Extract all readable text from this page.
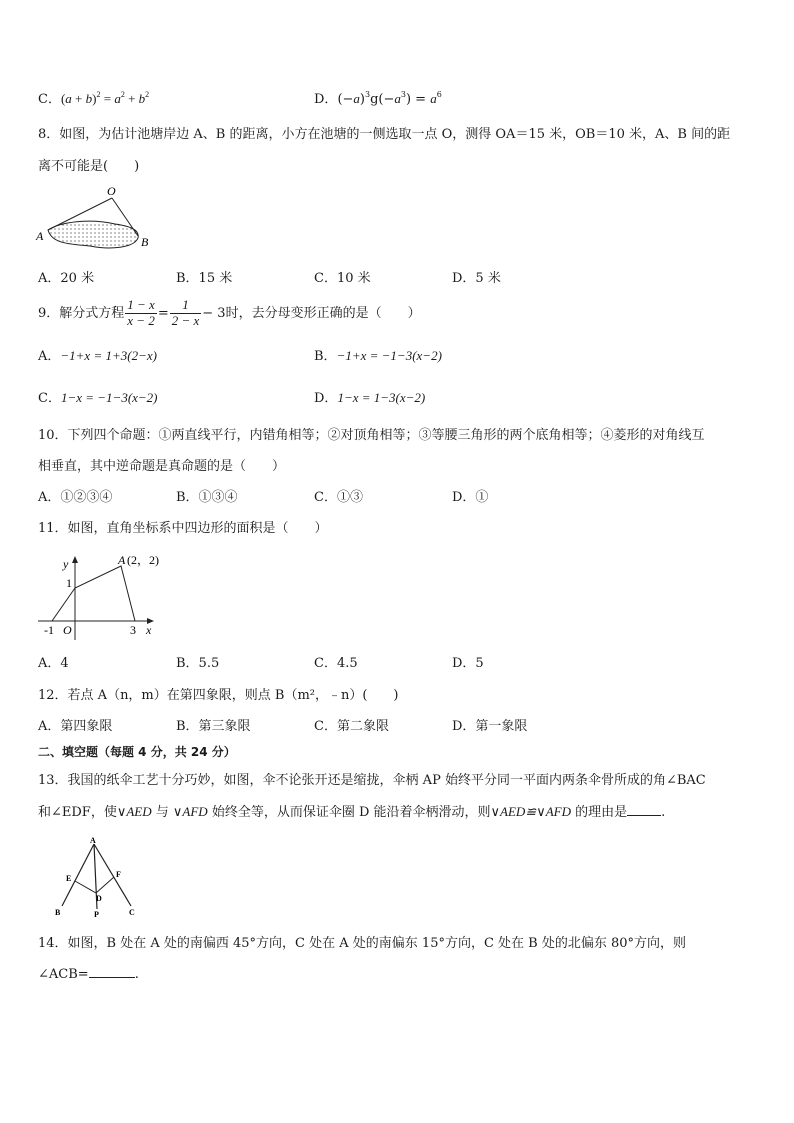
C．$(a + b)^2 = a^2 + b^2$	D．$(-a)^3g(-a^3) = a^6$
8．如图，为估计池塘岸边 A、B 的距离，小方在池塘的一侧选取一点 O，测得 OA＝15 米，OB＝10 米，A、B 间的距
离不可能是(　　)
O
A	B
A．20 米	B．15 米	C．10 米	D．5 米
9．解分式方程 $\frac{1 - x}{x - 2} = \frac{1}{2 - x} - 3$时，去分母变形正确的是（　　）
A．−1+x = 1+3(2−x)	B．−1+x = −1−3(x−2)
C．1−x = −1−3(x−2)	D．1−x = 1−3(x−2)
10．下列四个命题：①两直线平行，内错角相等；②对顶角相等；③等腰三角形的两个底角相等；④菱形的对角线互
相垂直，其中逆命题是真命题的是（　　）
A．①②③④	B．①③④	C．①③	D．①
11．如图，直角坐标系中四边形的面积是（　　）
y
x
A (2，2)
1
-1 O	3
A．4	B．5.5	C．4.5	D．5
12．若点 A（n，m）在第四象限，则点 B（m²，﹣n）(　　)
A．第四象限	B．第三象限	C．第二象限	D．第一象限
二、填空题（每题 4 分，共 24 分）
13．我国的纸伞工艺十分巧妙，如图，伞不论张开还是缩拢，伞柄 AP 始终平分同一平面内两条伞骨所成的角∠BAC
和∠EDF，使∨AED 与 ∨AFD 始终全等，从而保证伞圈 D 能沿着伞柄滑动，则∨AED≌∨AFD 的理由是	.
A
E	F
D
B	P	C
14．如图，B 处在 A 处的南偏西 45°方向，C 处在 A 处的南偏东 15°方向，C 处在 B 处的北偏东 80°方向，则
∠ACB=	.
